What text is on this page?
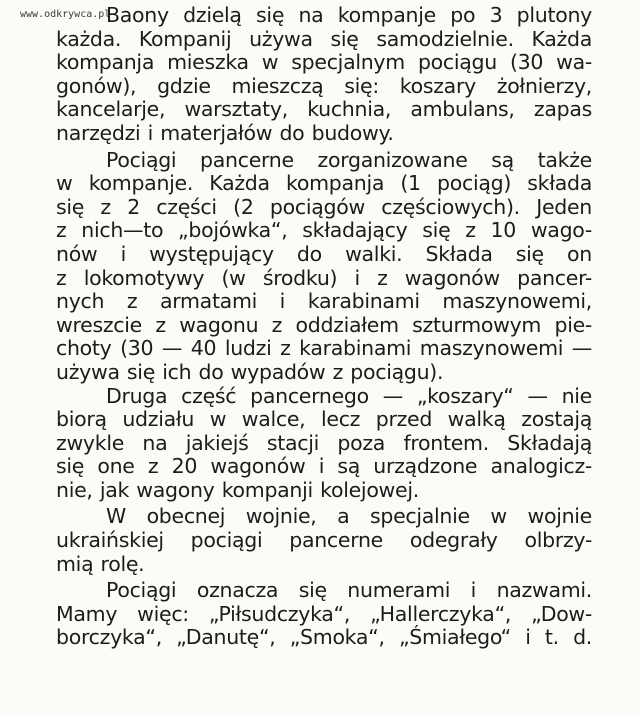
www.odkrywca.pl
Baony dzielą się na kompanje po 3 plutony
każda. Kompanij używa się samodzielnie. Każda
kompanja mieszka w specjalnym pociągu (30 wa-
gonów), gdzie mieszczą się: koszary żołnierzy,
kancelarje, warsztaty, kuchnia, ambulans, zapas
narzędzi i materjałów do budowy.
Pociągi pancerne zorganizowane są także
w kompanje. Każda kompanja (1 pociąg) składa
się z 2 części (2 pociągów częściowych). Jeden
z nich—to „bojówka“, składający się z 10 wago-
nów i występujący do walki. Składa się on
z lokomotywy (w środku) i z wagonów pancer-
nych z armatami i karabinami maszynowemi,
wreszcie z wagonu z oddziałem szturmowym pie-
choty (30 — 40 ludzi z karabinami maszynowemi —
używa się ich do wypadów z pociągu).
Druga część pancernego — „koszary“ — nie
biorą udziału w walce, lecz przed walką zostają
zwykle na jakiejś stacji poza frontem. Składają
się one z 20 wagonów i są urządzone analogicz-
nie, jak wagony kompanji kolejowej.
W obecnej wojnie, a specjalnie w wojnie
ukraińskiej pociągi pancerne odegrały olbrzy-
mią rolę.
Pociągi oznacza się numerami i nazwami.
Mamy więc: „Piłsudczyka“, „Hallerczyka“, „Dow-
borczyka“, „Danutę“, „Smoka“, „Śmiałego“ i t. d.
